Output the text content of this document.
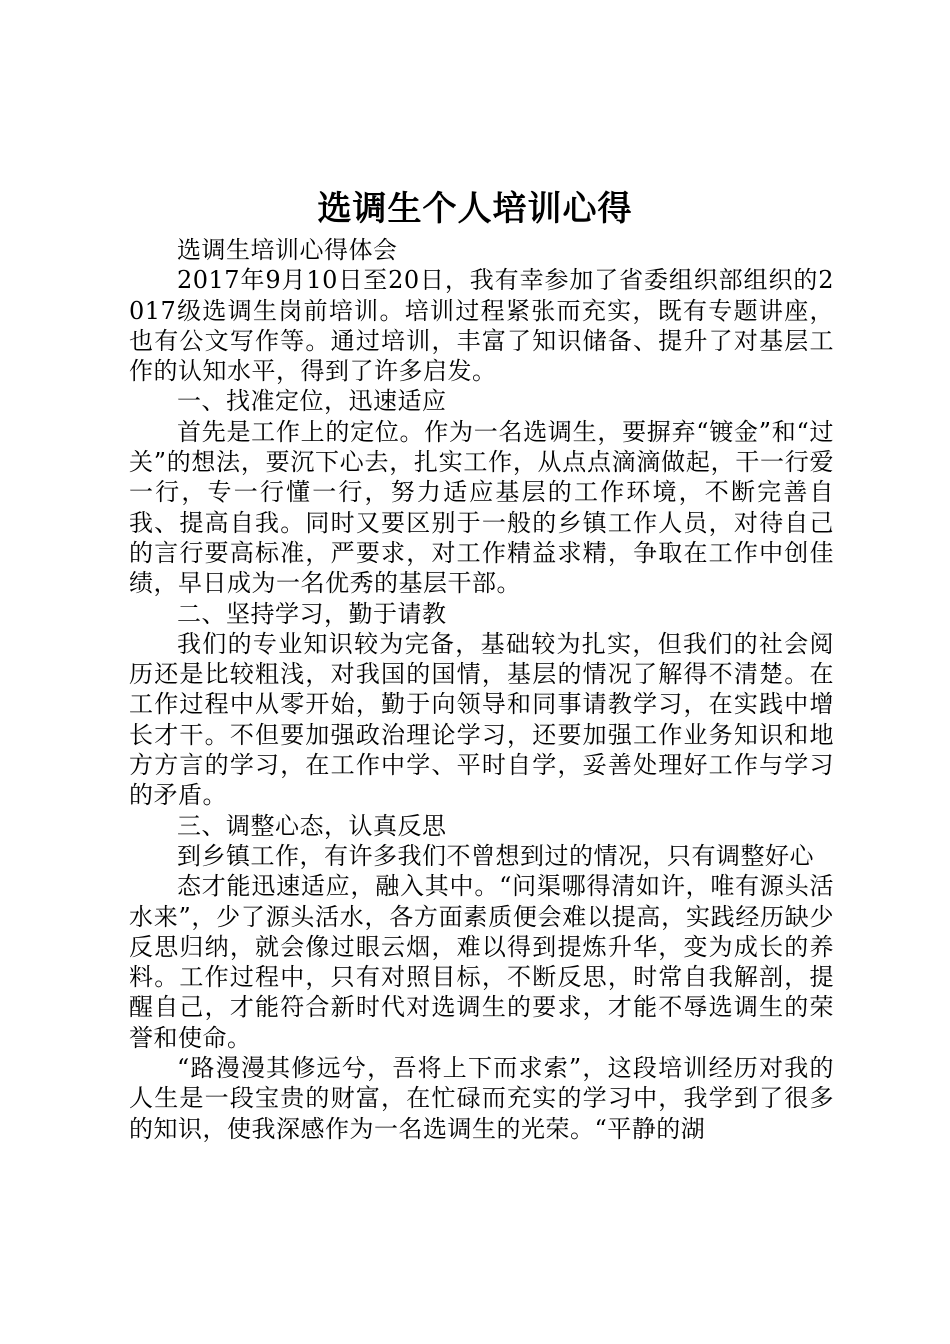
选调生个人培训心得

选调生培训心得体会

2017年9月10日至20日，我有幸参加了省委组织部组织的2017级选调生岗前培训。培训过程紧张而充实，既有专题讲座，也有公文写作等。通过培训，丰富了知识储备、提升了对基层工作的认知水平，得到了许多启发。

一、找准定位，迅速适应

首先是工作上的定位。作为一名选调生，要摒弃“镀金”和“过关”的想法，要沉下心去，扎实工作，从点点滴滴做起，干一行爱一行，专一行懂一行，努力适应基层的工作环境，不断完善自我、提高自我。同时又要区别于一般的乡镇工作人员，对待自己的言行要高标准，严要求，对工作精益求精，争取在工作中创佳绩，早日成为一名优秀的基层干部。

二、坚持学习，勤于请教

我们的专业知识较为完备，基础较为扎实，但我们的社会阅历还是比较粗浅，对我国的国情，基层的情况了解得不清楚。在工作过程中从零开始，勤于向领导和同事请教学习，在实践中增长才干。不但要加强政治理论学习，还要加强工作业务知识和地方方言的学习，在工作中学、平时自学，妥善处理好工作与学习的矛盾。

三、调整心态，认真反思

到乡镇工作，有许多我们不曾想到过的情况，只有调整好心

态才能迅速适应，融入其中。“问渠哪得清如许，唯有源头活水来”，少了源头活水，各方面素质便会难以提高，实践经历缺少反思归纳，就会像过眼云烟，难以得到提炼升华，变为成长的养料。工作过程中，只有对照目标，不断反思，时常自我解剖，提醒自己，才能符合新时代对选调生的要求，才能不辱选调生的荣誉和使命。

“路漫漫其修远兮，吾将上下而求索”，这段培训经历对我的人生是一段宝贵的财富，在忙碌而充实的学习中，我学到了很多的知识，使我深感作为一名选调生的光荣。“平静的湖
